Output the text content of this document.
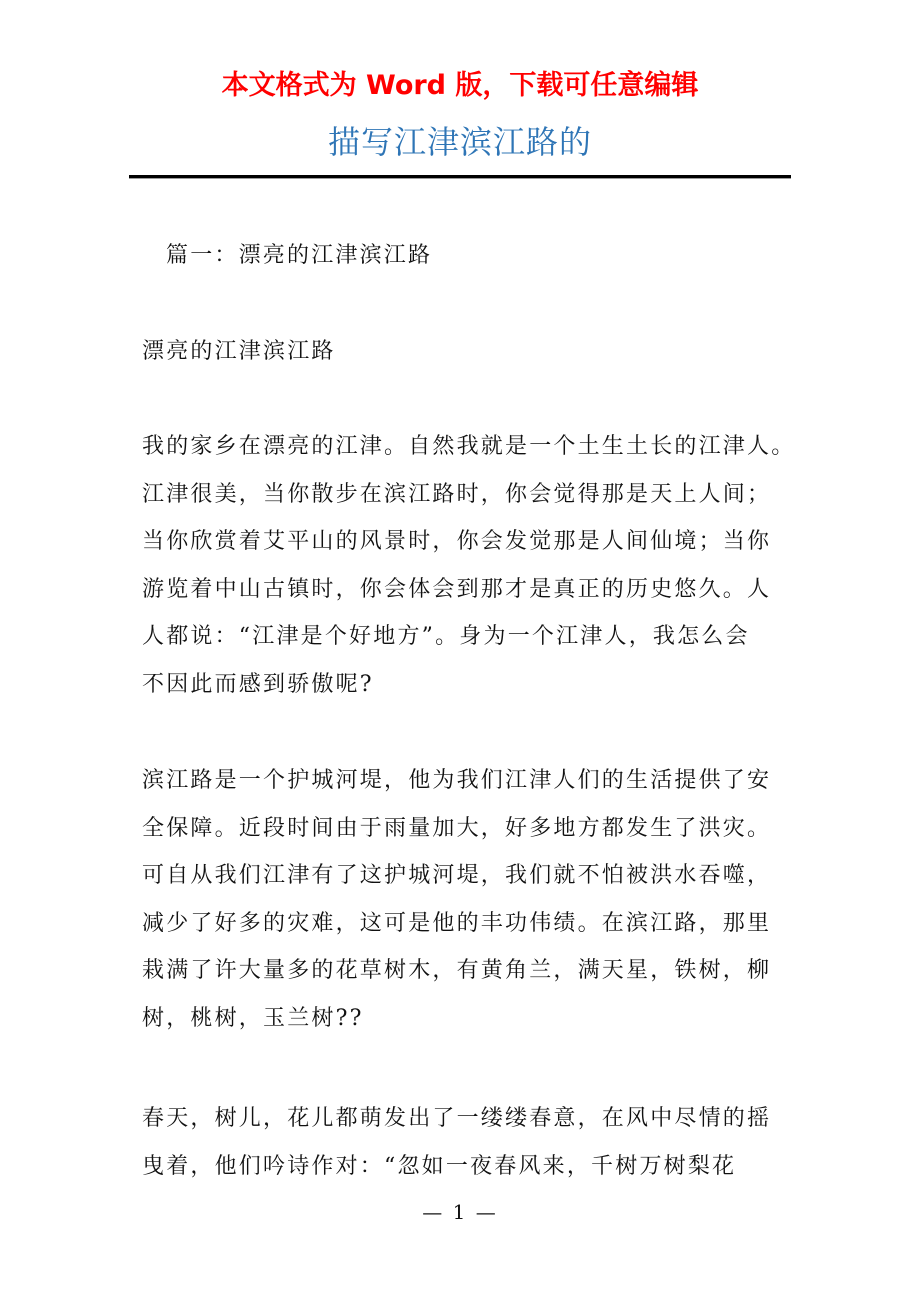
本文格式为 Word 版，下载可任意编辑
描写江津滨江路的
篇一：漂亮的江津滨江路
漂亮的江津滨江路
我的家乡在漂亮的江津。自然我就是一个土生土长的江津人。
江津很美，当你散步在滨江路时，你会觉得那是天上人间；
当你欣赏着艾平山的风景时，你会发觉那是人间仙境；当你
游览着中山古镇时，你会体会到那才是真正的历史悠久。人
人都说：“江津是个好地方”。身为一个江津人，我怎么会
不因此而感到骄傲呢?
滨江路是一个护城河堤，他为我们江津人们的生活提供了安
全保障。近段时间由于雨量加大，好多地方都发生了洪灾。
可自从我们江津有了这护城河堤，我们就不怕被洪水吞噬，
减少了好多的灾难，这可是他的丰功伟绩。在滨江路，那里
栽满了许大量多的花草树木，有黄角兰，满天星，铁树，柳
树，桃树，玉兰树??
春天，树儿，花儿都萌发出了一缕缕春意，在风中尽情的摇
曳着，他们吟诗作对：“忽如一夜春风来，千树万树梨花
— 1 —
